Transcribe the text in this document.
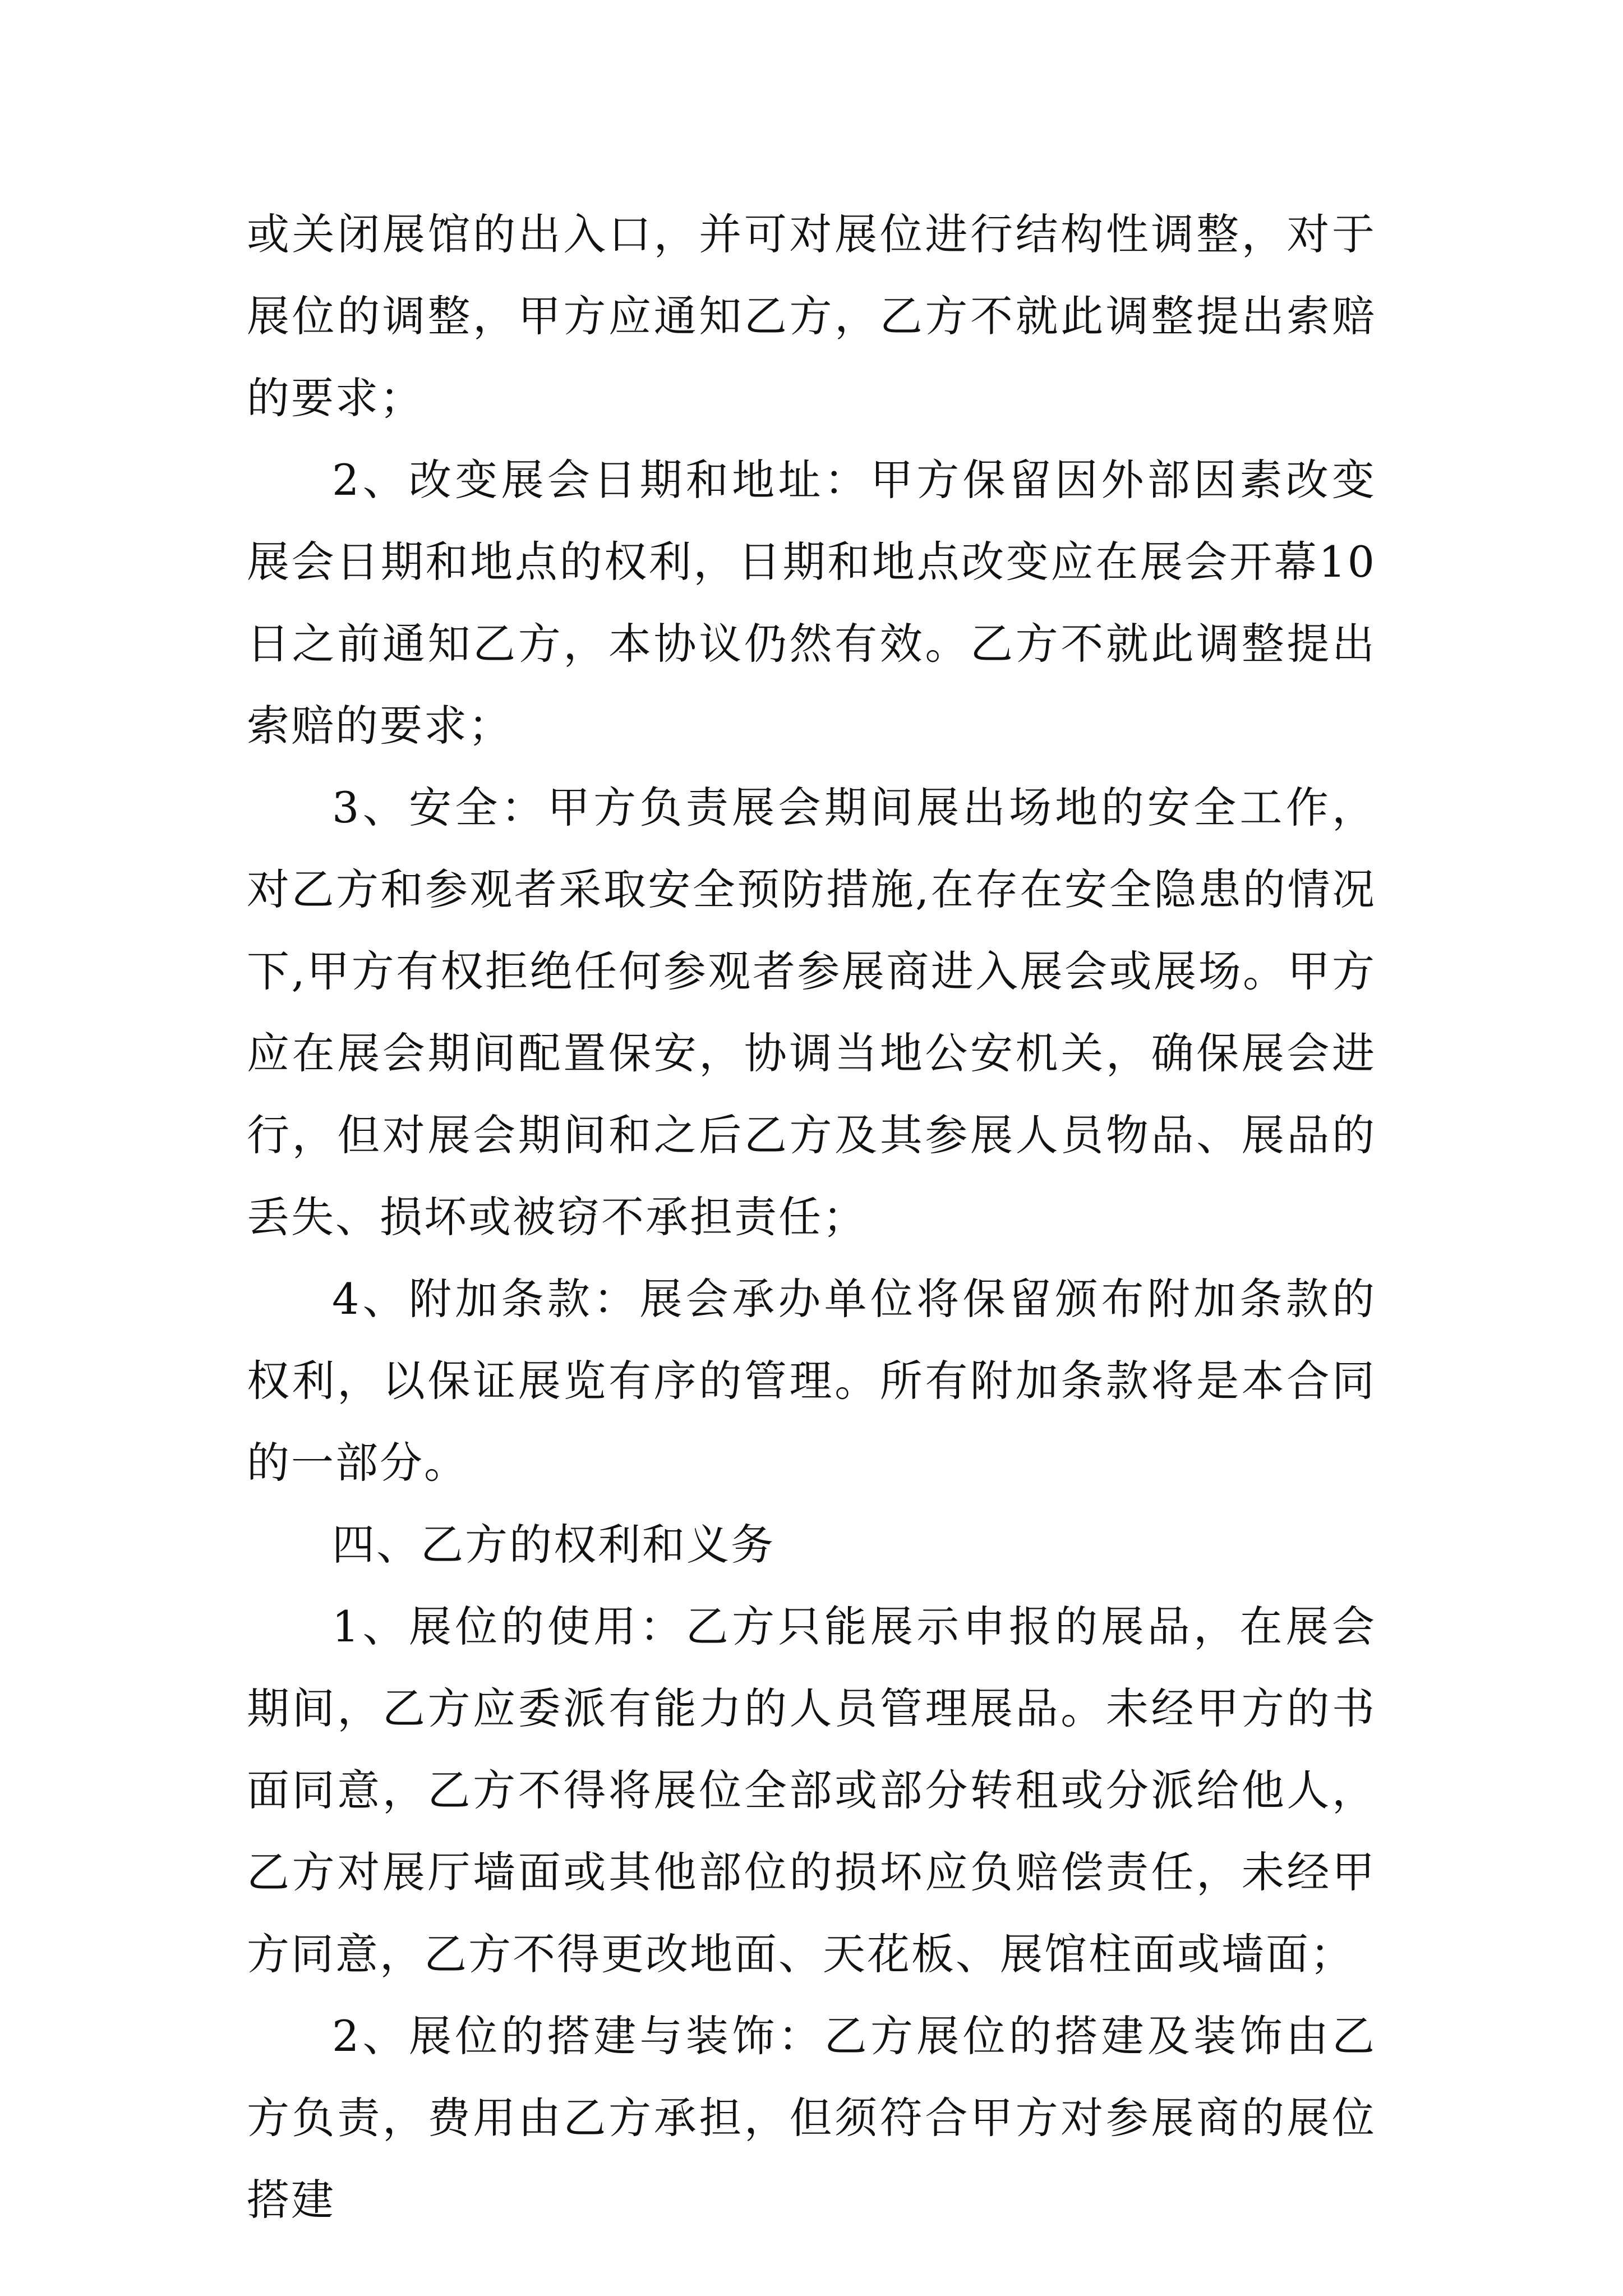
或关闭展馆的出入口，并可对展位进行结构性调整，对于展位的调整，甲方应通知乙方，乙方不就此调整提出索赔的要求；

2、改变展会日期和地址：甲方保留因外部因素改变展会日期和地点的权利，日期和地点改变应在展会开幕10日之前通知乙方，本协议仍然有效。乙方不就此调整提出索赔的要求；

3、安全：甲方负责展会期间展出场地的安全工作，对乙方和参观者采取安全预防措施,在存在安全隐患的情况下,甲方有权拒绝任何参观者参展商进入展会或展场。甲方应在展会期间配置保安，协调当地公安机关，确保展会进行，但对展会期间和之后乙方及其参展人员物品、展品的丢失、损坏或被窃不承担责任；

4、附加条款：展会承办单位将保留颁布附加条款的权利，以保证展览有序的管理。所有附加条款将是本合同的一部分。

四、乙方的权利和义务

1、展位的使用：乙方只能展示申报的展品，在展会期间，乙方应委派有能力的人员管理展品。未经甲方的书面同意，乙方不得将展位全部或部分转租或分派给他人，乙方对展厅墙面或其他部位的损坏应负赔偿责任，未经甲方同意，乙方不得更改地面、天花板、展馆柱面或墙面；

2、展位的搭建与装饰：乙方展位的搭建及装饰由乙方负责，费用由乙方承担，但须符合甲方对参展商的展位搭建
